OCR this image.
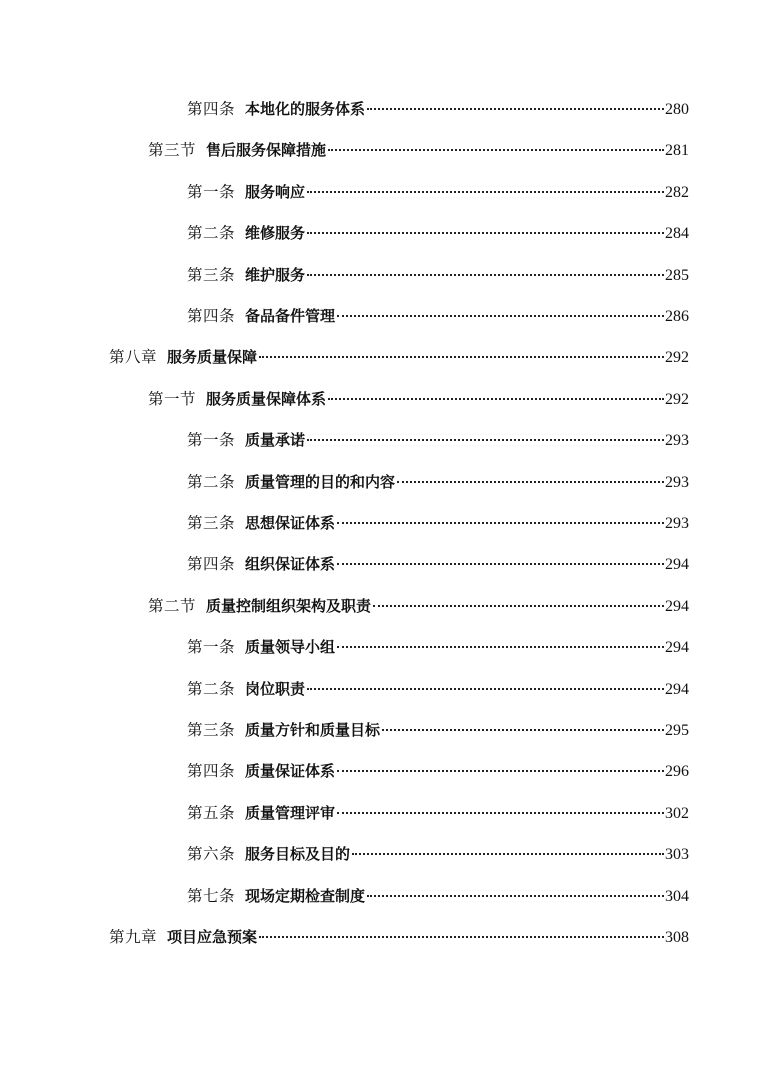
第四条 本地化的服务体系	280
第三节 售后服务保障措施	281
第一条 服务响应	282
第二条 维修服务	284
第三条 维护服务	285
第四条 备品备件管理	286
第八章 服务质量保障	292
第一节 服务质量保障体系	292
第一条 质量承诺	293
第二条 质量管理的目的和内容	293
第三条 思想保证体系	293
第四条 组织保证体系	294
第二节 质量控制组织架构及职责	294
第一条 质量领导小组	294
第二条 岗位职责	294
第三条 质量方针和质量目标	295
第四条 质量保证体系	296
第五条 质量管理评审	302
第六条 服务目标及目的	303
第七条 现场定期检查制度	304
第九章 项目应急预案	308
